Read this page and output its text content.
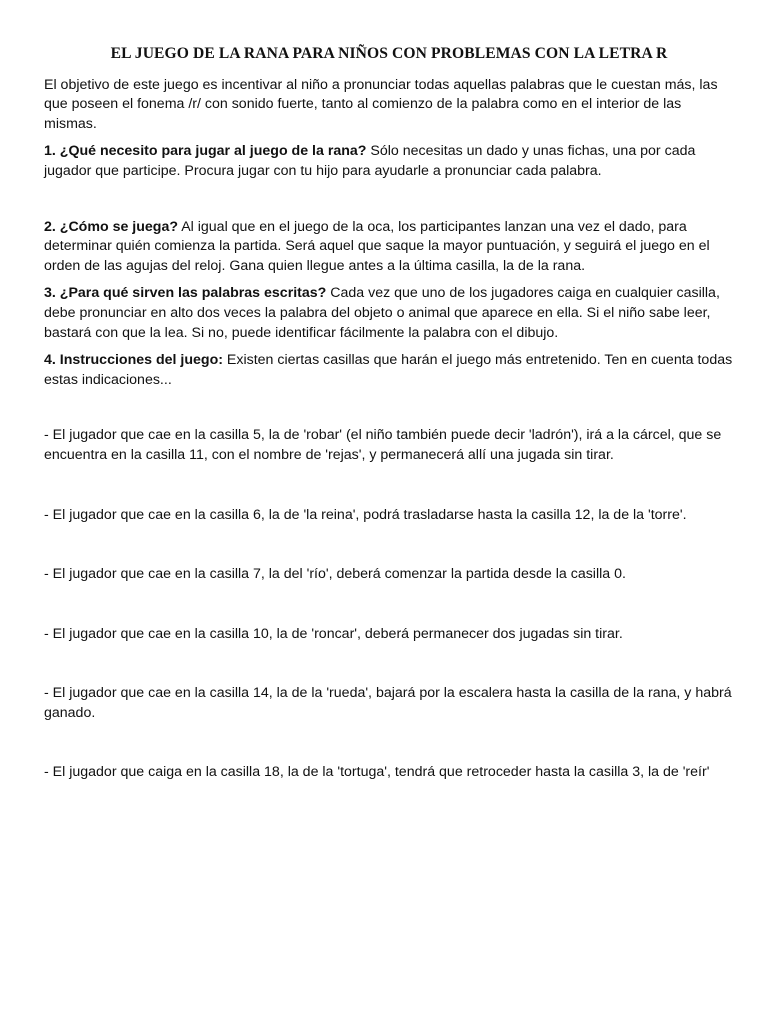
EL JUEGO DE LA RANA PARA NIÑOS CON PROBLEMAS CON LA LETRA R

El objetivo de este juego es incentivar al niño a pronunciar todas aquellas palabras que le cuestan más, las que poseen el fonema /r/ con sonido fuerte, tanto al comienzo de la palabra como en el interior de las mismas.

1. ¿Qué necesito para jugar al juego de la rana? Sólo necesitas un dado y unas fichas, una por cada jugador que participe. Procura jugar con tu hijo para ayudarle a pronunciar cada palabra.

2. ¿Cómo se juega? Al igual que en el juego de la oca, los participantes lanzan una vez el dado, para determinar quién comienza la partida. Será aquel que saque la mayor puntuación, y seguirá el juego en el orden de las agujas del reloj. Gana quien llegue antes a la última casilla, la de la rana.

3. ¿Para qué sirven las palabras escritas? Cada vez que uno de los jugadores caiga en cualquier casilla, debe pronunciar en alto dos veces la palabra del objeto o animal que aparece en ella. Si el niño sabe leer, bastará con que la lea. Si no, puede identificar fácilmente la palabra con el dibujo.

4. Instrucciones del juego: Existen ciertas casillas que harán el juego más entretenido. Ten en cuenta todas estas indicaciones...

- El jugador que cae en la casilla 5, la de 'robar' (el niño también puede decir 'ladrón'), irá a la cárcel, que se encuentra en la casilla 11, con el nombre de 'rejas', y permanecerá allí una jugada sin tirar.

- El jugador que cae en la casilla 6, la de 'la reina', podrá trasladarse hasta la casilla 12, la de la 'torre'.

- El jugador que cae en la casilla 7, la del 'río', deberá comenzar la partida desde la casilla 0.

- El jugador que cae en la casilla 10, la de 'roncar', deberá permanecer dos jugadas sin tirar.

- El jugador que cae en la casilla 14, la de la 'rueda', bajará por la escalera hasta la casilla de la rana, y habrá ganado.

- El jugador que caiga en la casilla 18, la de la 'tortuga', tendrá que retroceder hasta la casilla 3, la de 'reír'
